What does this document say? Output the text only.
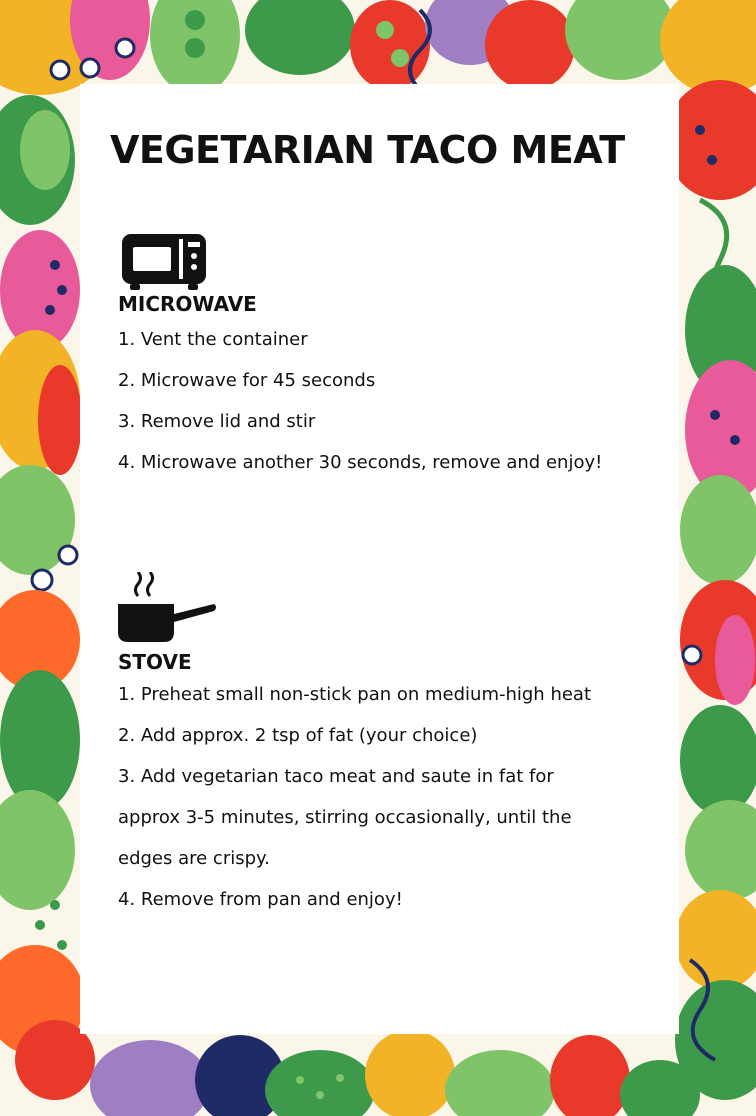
VEGETARIAN TACO MEAT
MICROWAVE
1. Vent the container
2. Microwave for 45 seconds
3. Remove lid and stir
4. Microwave another 30 seconds, remove and enjoy!
STOVE
1. Preheat small non-stick pan on medium-high heat
2. Add approx. 2 tsp of fat (your choice)
3. Add vegetarian taco meat and saute in fat for approx 3-5 minutes, stirring occasionally, until the edges are crispy.
4. Remove from pan and enjoy!
